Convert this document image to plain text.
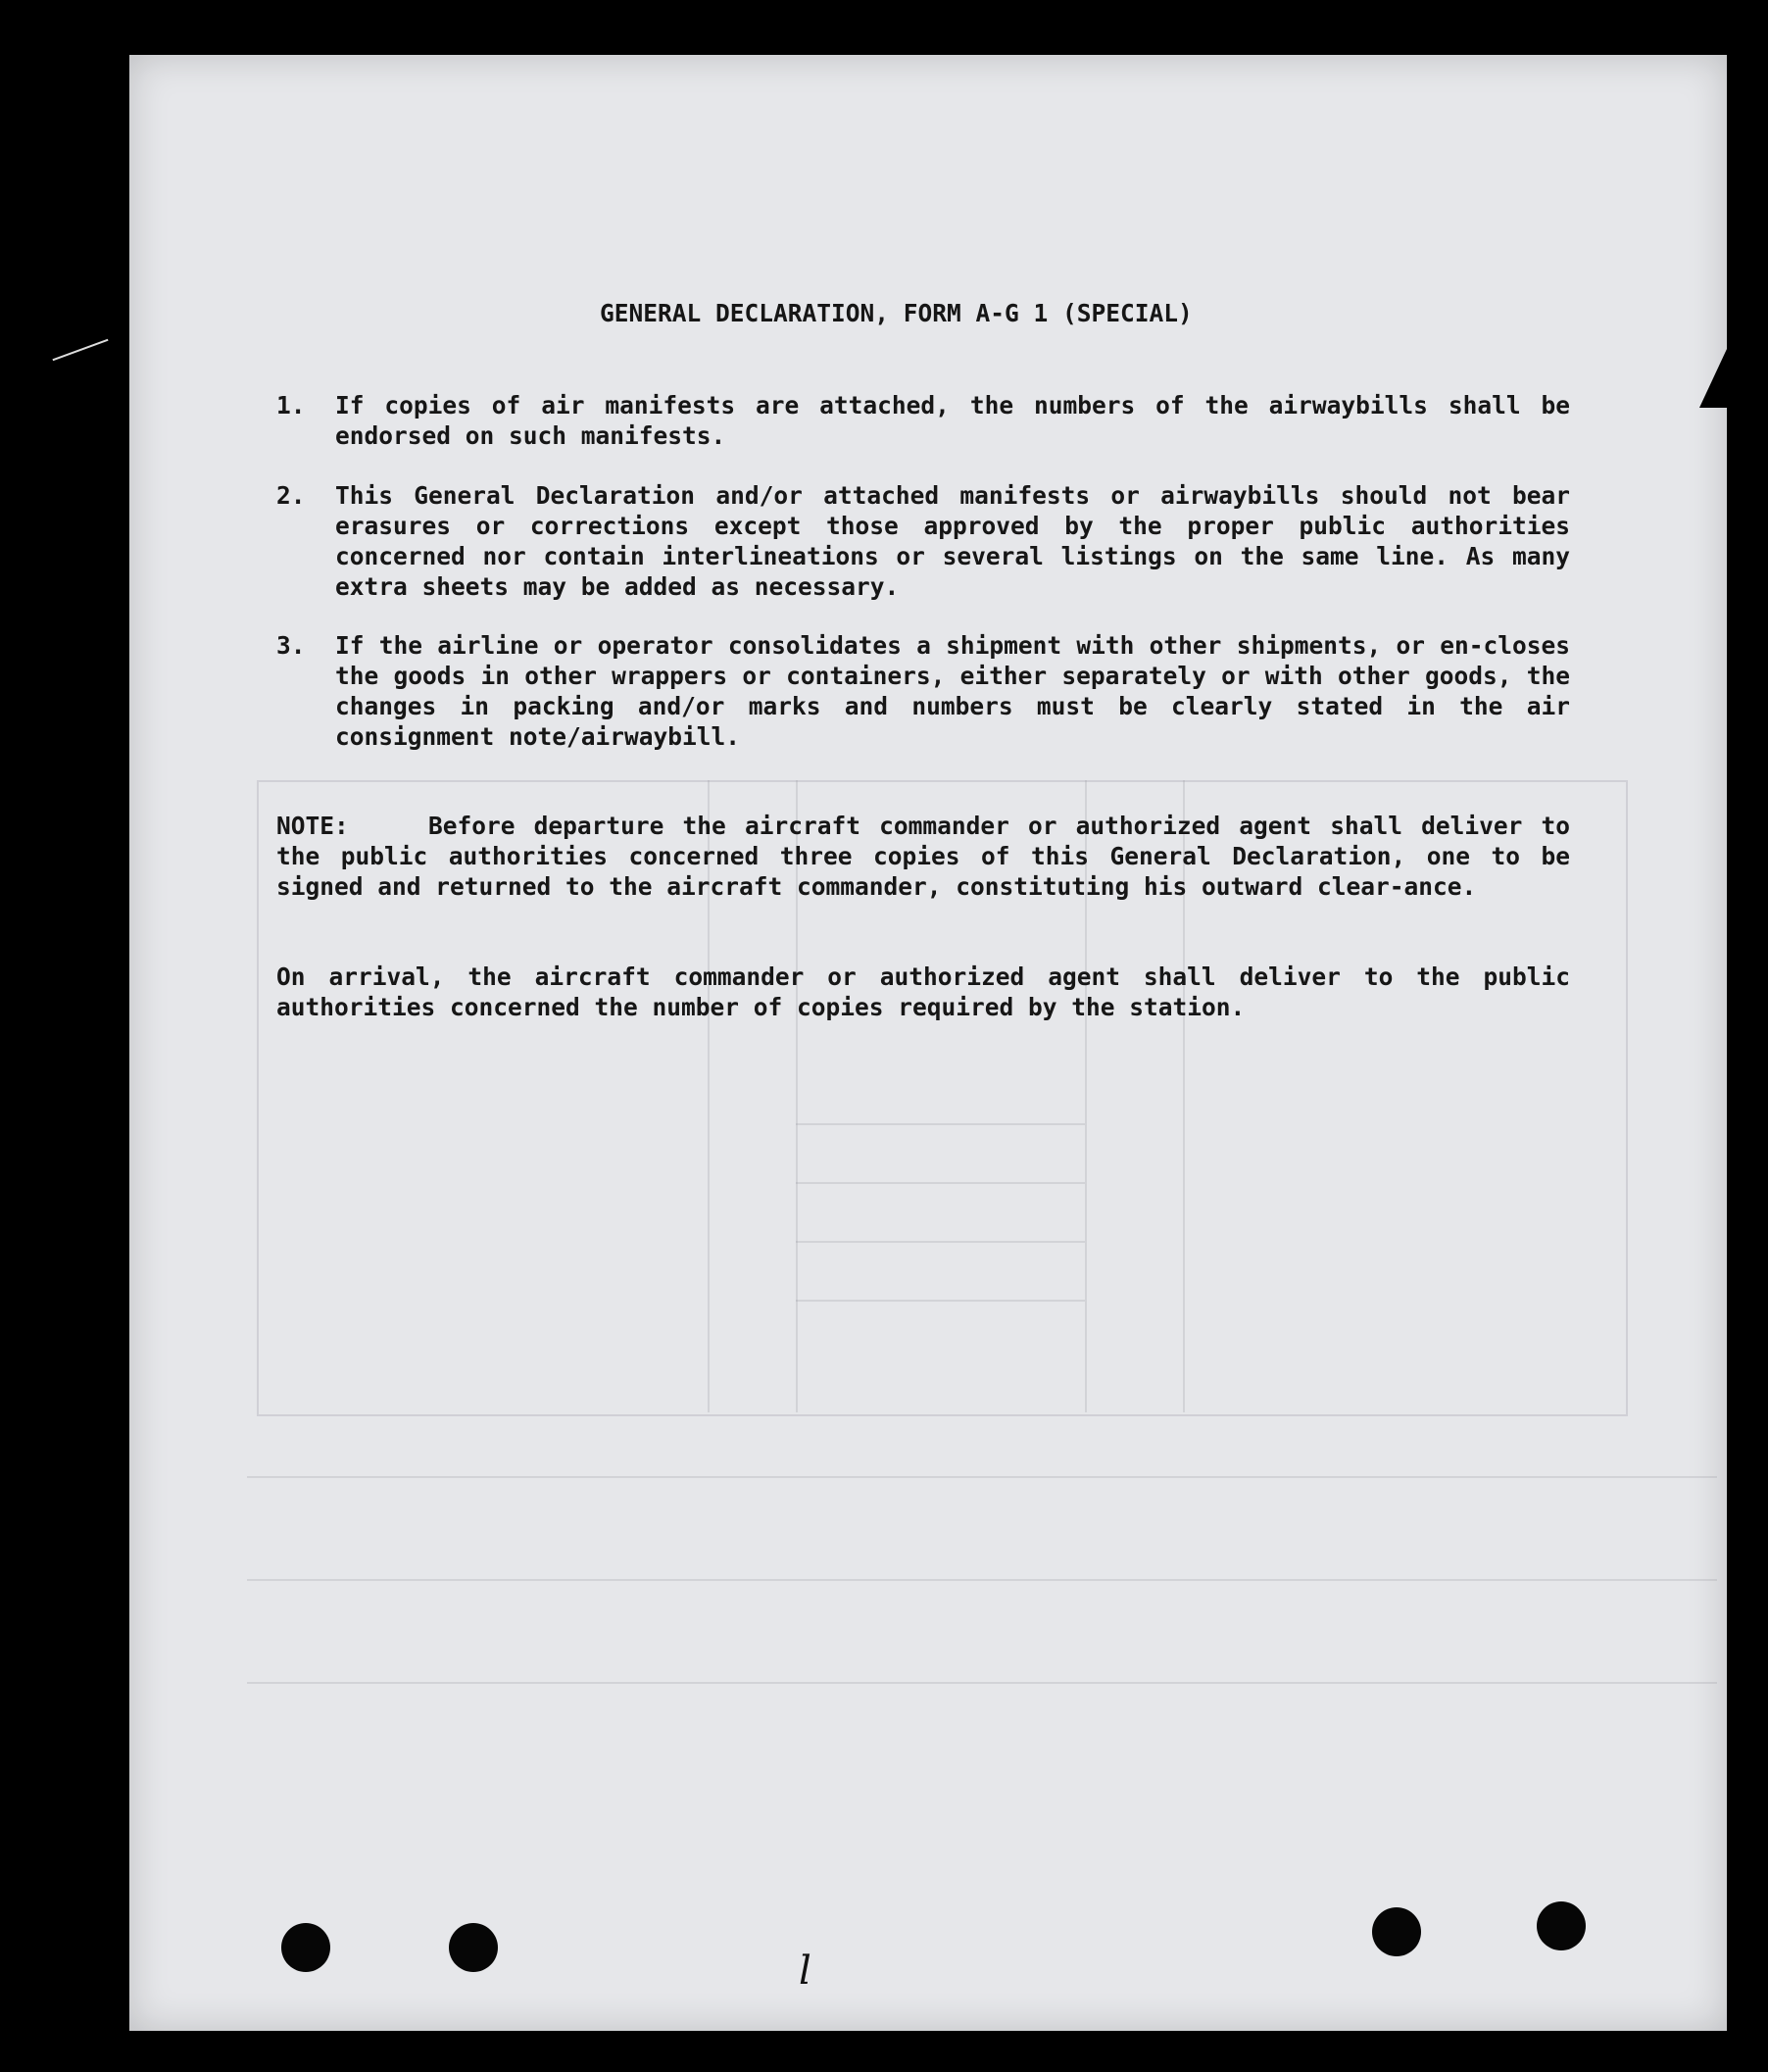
GENERAL DECLARATION, FORM A-G 1 (SPECIAL)
1.	If copies of air manifests are attached, the numbers of the airwaybills shall be endorsed on such manifests.
2.	This General Declaration and/or attached manifests or airwaybills should not bear erasures or corrections except those approved by the proper public authorities concerned nor contain interlineations or several listings on the same line. As many extra sheets may be added as necessary.
3.	If the airline or operator consolidates a shipment with other shipments, or en-closes the goods in other wrappers or containers, either separately or with other goods, the changes in packing and/or marks and numbers must be clearly stated in the air consignment note/airwaybill.
NOTE:	Before departure the aircraft commander or authorized agent shall deliver to the public authorities concerned three copies of this General Declaration, one to be signed and returned to the aircraft commander, constituting his outward clear-ance.
On arrival, the aircraft commander or authorized agent shall deliver to the public authorities concerned the number of copies required by the station.
l
